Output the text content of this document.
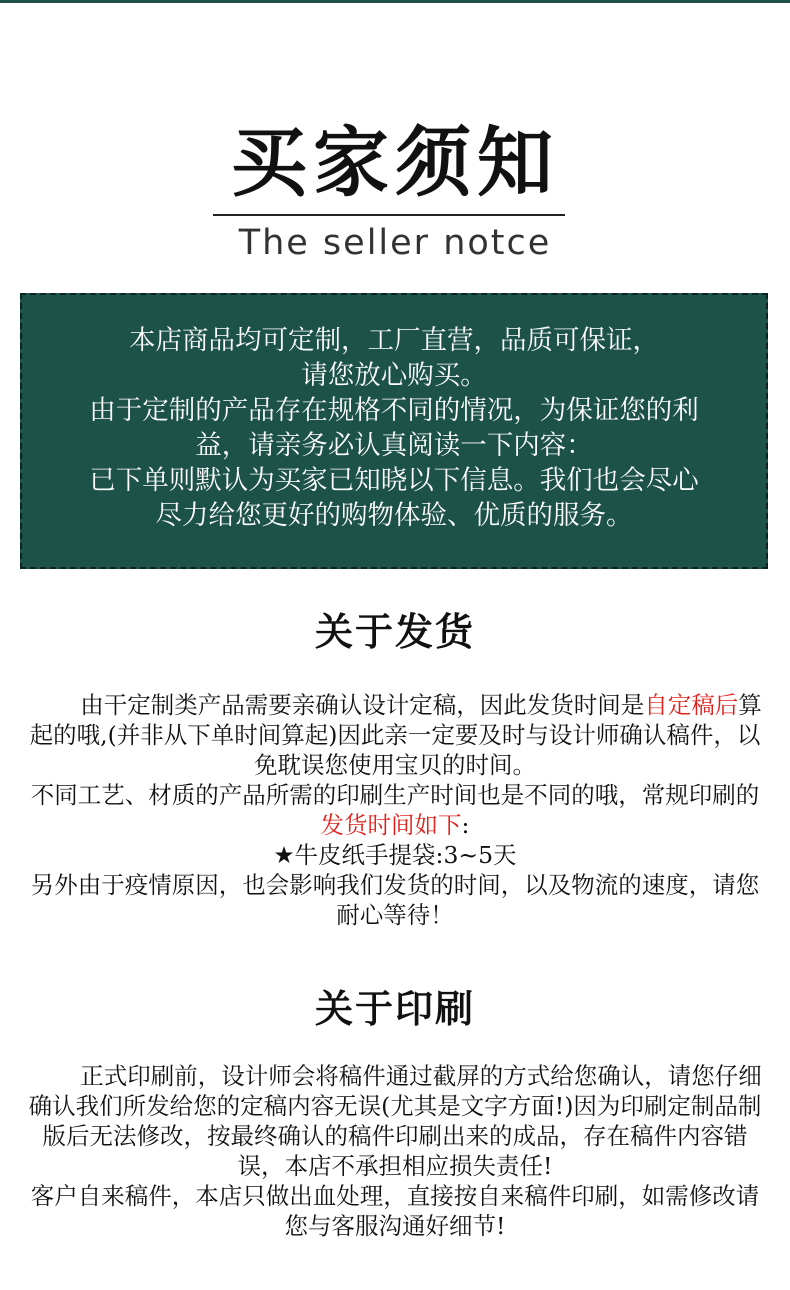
买家须知
The seller notce

本店商品均可定制，工厂直营，品质可保证，

请您放心购买。

由于定制的产品存在规格不同的情况，为保证您的利

益，请亲务必认真阅读一下内容：

已下单则默认为买家已知晓以下信息。我们也会尽心

尽力给您更好的购物体验、优质的服务。

关于发货

由干定制类产品需要亲确认设计定稿，因此发货时间是自定稿后算起的哦,(并非从下单时间算起)因此亲一定要及时与设计师确认稿件，以免耽误您使用宝贝的时间。

不同工艺、材质的产品所需的印刷生产时间也是不同的哦，常规印刷的发货时间如下:

★牛皮纸手提袋:3~5天

另外由于疫情原因，也会影响我们发货的时间，以及物流的速度，请您耐心等待！

关于印刷

正式印刷前，设计师会将稿件通过截屏的方式给您确认，请您仔细确认我们所发给您的定稿内容无误(尤其是文字方面!)因为印刷定制品制版后无法修改，按最终确认的稿件印刷出来的成品，存在稿件内容错误，本店不承担相应损失责任!

客户自来稿件，本店只做出血处理，直接按自来稿件印刷，如需修改请您与客服沟通好细节!
